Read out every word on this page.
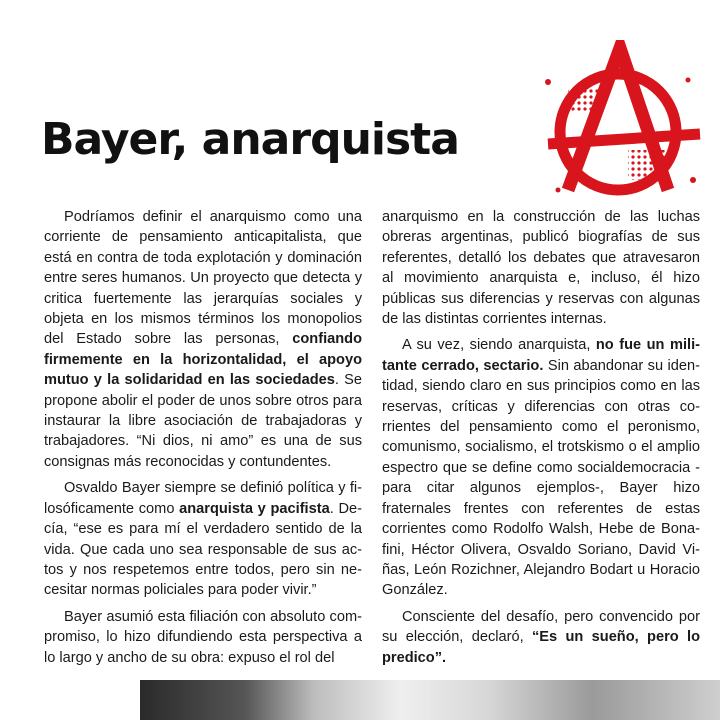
Bayer, anarquista

Podríamos definir el anarquismo como una corriente de pensamiento anticapitalista, que está en contra de toda explotación y dominación entre seres humanos. Un proyecto que detecta y critica fuertemente las jerarquías sociales y objeta en los mismos términos los monopolios del Estado sobre las personas, confiando firmemente en la horizontalidad, el apoyo mutuo y la solidaridad en las sociedades. Se propone abolir el poder de unos sobre otros para instaurar la libre asociación de trabajadoras y trabajadores. “Ni dios, ni amo” es una de sus consignas más reconocidas y contundentes.

Osvaldo Bayer siempre se definió política y filosóficamente como anarquista y pacifista. Decía, “ese es para mí el verdadero sentido de la vida. Que cada uno sea responsable de sus actos y nos respetemos entre todos, pero sin necesitar normas policiales para poder vivir.”

Bayer asumió esta filiación con absoluto compromiso, lo hizo difundiendo esta perspectiva a lo largo y ancho de su obra: expuso el rol del

anarquismo en la construcción de las luchas obreras argentinas, publicó biografías de sus referentes, detalló los debates que atravesaron al movimiento anarquista e, incluso, él hizo públicas sus diferencias y reservas con algunas de las distintas corrientes internas.

A su vez, siendo anarquista, no fue un militante cerrado, sectario. Sin abandonar su identidad, siendo claro en sus principios como en las reservas, críticas y diferencias con otras corrientes del pensamiento como el peronismo, comunismo, socialismo, el trotskismo o el amplio espectro que se define como socialdemocracia -para citar algunos ejemplos-, Bayer hizo fraternales frentes con referentes de estas corrientes como Rodolfo Walsh, Hebe de Bonafini, Héctor Olivera, Osvaldo Soriano, David Viñas, León Rozichner, Alejandro Bodart u Horacio González.

Consciente del desafío, pero convencido por su elección, declaró, “Es un sueño, pero lo predico”.
